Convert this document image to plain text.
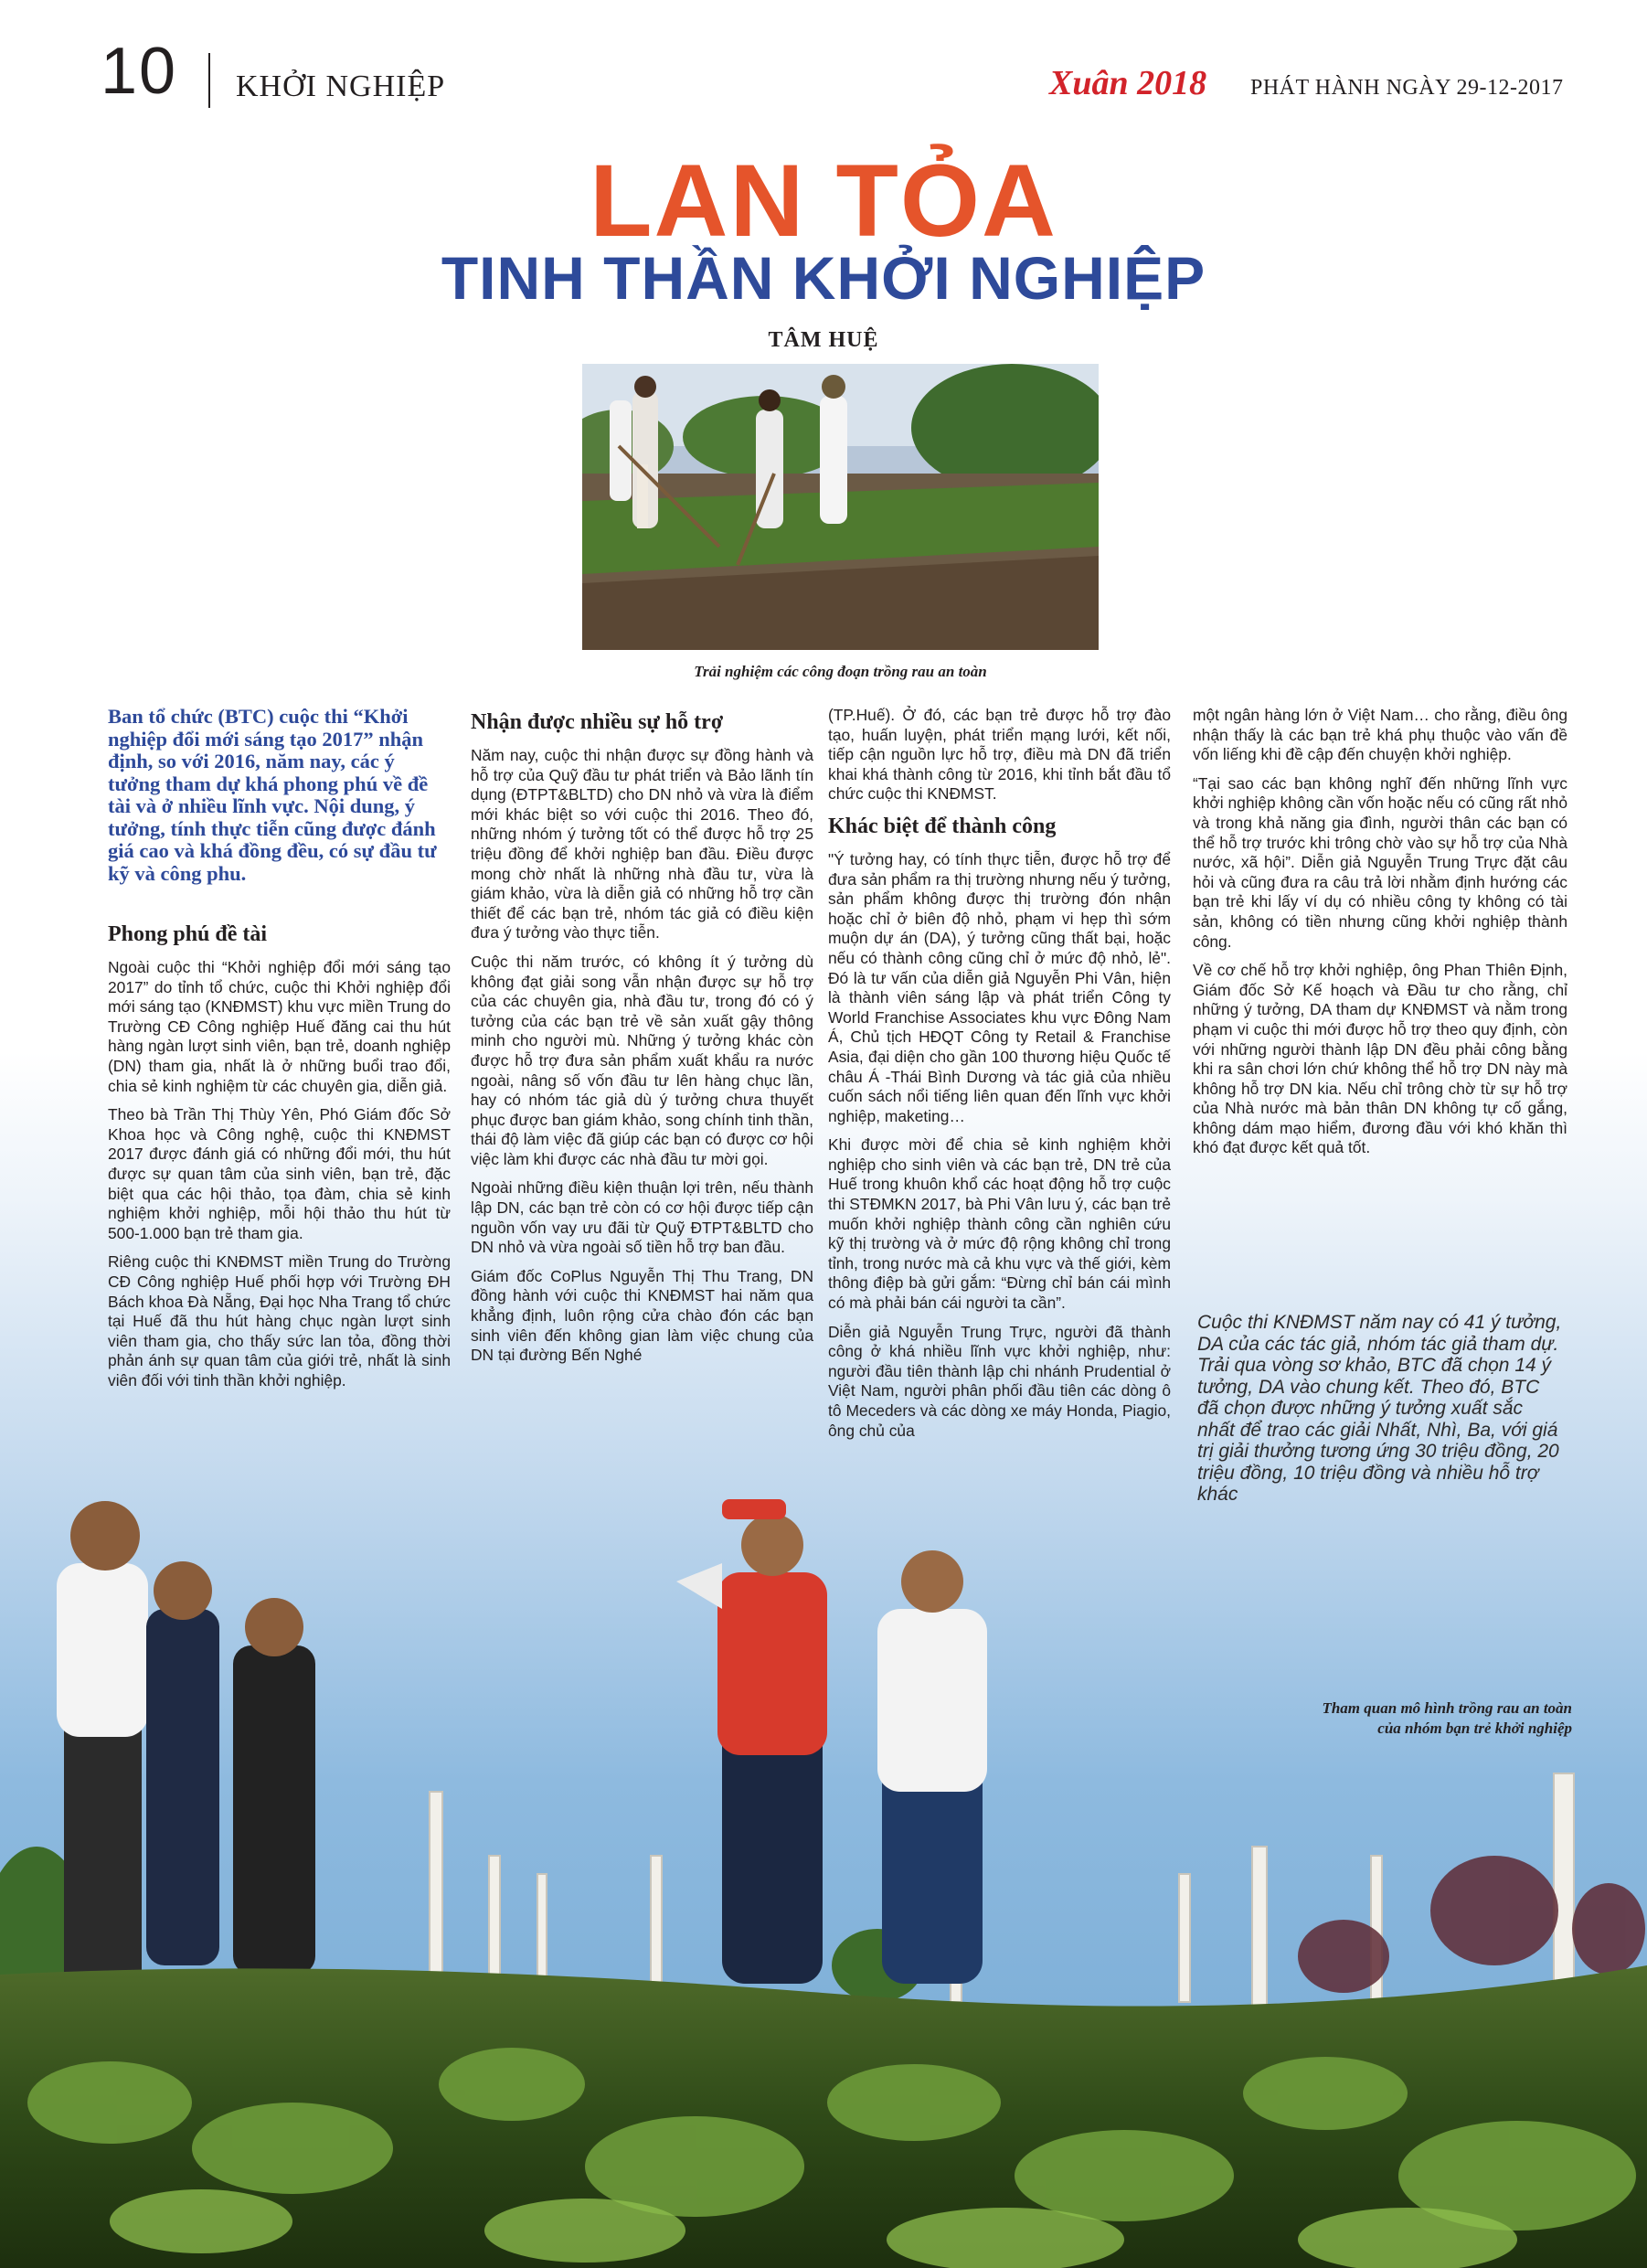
10 KHỞI NGHIỆP	Xuân 2018 PHÁT HÀNH NGÀY 29-12-2017
LAN TỎA
TINH THẦN KHỞI NGHIỆP
TÂM HUỆ
Trải nghiệm các công đoạn trồng rau an toàn

Ban tổ chức (BTC) cuộc thi “Khởi nghiệp đổi mới sáng tạo 2017” nhận định, so với 2016, năm nay, các ý tưởng tham dự khá phong phú về đề tài và ở nhiều lĩnh vực. Nội dung, ý tưởng, tính thực tiễn cũng được đánh giá cao và khá đồng đều, có sự đầu tư kỹ và công phu.

Phong phú đề tài

Ngoài cuộc thi “Khởi nghiệp đổi mới sáng tạo 2017” do tỉnh tổ chức, cuộc thi Khởi nghiệp đổi mới sáng tạo (KNĐMST) khu vực miền Trung do Trường CĐ Công nghiệp Huế đăng cai thu hút hàng ngàn lượt sinh viên, bạn trẻ, doanh nghiệp (DN) tham gia, nhất là ở những buổi trao đổi, chia sẻ kinh nghiệm từ các chuyên gia, diễn giả.

Theo bà Trần Thị Thùy Yên, Phó Giám đốc Sở Khoa học và Công nghệ, cuộc thi KNĐMST 2017 được đánh giá có những đổi mới, thu hút được sự quan tâm của sinh viên, bạn trẻ, đặc biệt qua các hội thảo, tọa đàm, chia sẻ kinh nghiệm khởi nghiệp, mỗi hội thảo thu hút từ 500-1.000 bạn trẻ tham gia.

Riêng cuộc thi KNĐMST miền Trung do Trường CĐ Công nghiệp Huế phối hợp với Trường ĐH Bách khoa Đà Nẵng, Đại học Nha Trang tổ chức tại Huế đã thu hút hàng chục ngàn lượt sinh viên tham gia, cho thấy sức lan tỏa, đồng thời phản ánh sự quan tâm của giới trẻ, nhất là sinh viên đối với tinh thần khởi nghiệp.

Nhận được nhiều sự hỗ trợ

Năm nay, cuộc thi nhận được sự đồng hành và hỗ trợ của Quỹ đầu tư phát triển và Bảo lãnh tín dụng (ĐTPT&BLTD) cho DN nhỏ và vừa là điểm mới khác biệt so với cuộc thi 2016. Theo đó, những nhóm ý tưởng tốt có thể được hỗ trợ 25 triệu đồng để khởi nghiệp ban đầu. Điều được mong chờ nhất là những nhà đầu tư, vừa là giám khảo, vừa là diễn giả có những hỗ trợ cần thiết để các bạn trẻ, nhóm tác giả có điều kiện đưa ý tưởng vào thực tiễn.

Cuộc thi năm trước, có không ít ý tưởng dù không đạt giải song vẫn nhận được sự hỗ trợ của các chuyên gia, nhà đầu tư, trong đó có ý tưởng của các bạn trẻ về sản xuất gậy thông minh cho người mù. Những ý tưởng khác còn được hỗ trợ đưa sản phẩm xuất khẩu ra nước ngoài, nâng số vốn đầu tư lên hàng chục lần, hay có nhóm tác giả dù ý tưởng chưa thuyết phục được ban giám khảo, song chính tinh thần, thái độ làm việc đã giúp các bạn có được cơ hội việc làm khi được các nhà đầu tư mời gọi.

Ngoài những điều kiện thuận lợi trên, nếu thành lập DN, các bạn trẻ còn có cơ hội được tiếp cận nguồn vốn vay ưu đãi từ Quỹ ĐTPT&BLTD cho DN nhỏ và vừa ngoài số tiền hỗ trợ ban đầu.

Giám đốc CoPlus Nguyễn Thị Thu Trang, DN đồng hành với cuộc thi KNĐMST hai năm qua khẳng định, luôn rộng cửa chào đón các bạn sinh viên đến không gian làm việc chung của DN tại đường Bến Nghé

(TP.Huế). Ở đó, các bạn trẻ được hỗ trợ đào tạo, huấn luyện, phát triển mạng lưới, kết nối, tiếp cận nguồn lực hỗ trợ, điều mà DN đã triển khai khá thành công từ 2016, khi tỉnh bắt đầu tổ chức cuộc thi KNĐMST.

Khác biệt để thành công

"Ý tưởng hay, có tính thực tiễn, được hỗ trợ để đưa sản phẩm ra thị trường nhưng nếu ý tưởng, sản phẩm không được thị trường đón nhận hoặc chỉ ở biên độ nhỏ, phạm vi hẹp thì sớm muộn dự án (DA), ý tưởng cũng thất bại, hoặc nếu có thành công cũng chỉ ở mức độ nhỏ, lẻ". Đó là tư vấn của diễn giả Nguyễn Phi Vân, hiện là thành viên sáng lập và phát triển Công ty World Franchise Associates khu vực Đông Nam Á, Chủ tịch HĐQT Công ty Retail & Franchise Asia, đại diện cho gần 100 thương hiệu Quốc tế châu Á -Thái Bình Dương và tác giả của nhiều cuốn sách nổi tiếng liên quan đến lĩnh vực khởi nghiệp, maketing…

Khi được mời để chia sẻ kinh nghiệm khởi nghiệp cho sinh viên và các bạn trẻ, DN trẻ của Huế trong khuôn khổ các hoạt động hỗ trợ cuộc thi STĐMKN 2017, bà Phi Vân lưu ý, các bạn trẻ muốn khởi nghiệp thành công cần nghiên cứu kỹ thị trường và ở mức độ rộng không chỉ trong tỉnh, trong nước mà cả khu vực và thế giới, kèm thông điệp bà gửi gắm: “Đừng chỉ bán cái mình có mà phải bán cái người ta cần”.

Diễn giả Nguyễn Trung Trực, người đã thành công ở khá nhiều lĩnh vực khởi nghiệp, như: người đầu tiên thành lập chi nhánh Prudential ở Việt Nam, người phân phối đầu tiên các dòng ô tô Meceders và các dòng xe máy Honda, Piagio, ông chủ của

một ngân hàng lớn ở Việt Nam… cho rằng, điều ông nhận thấy là các bạn trẻ khá phụ thuộc vào vấn đề vốn liếng khi đề cập đến chuyện khởi nghiệp.

“Tại sao các bạn không nghĩ đến những lĩnh vực khởi nghiệp không cần vốn hoặc nếu có cũng rất nhỏ và trong khả năng gia đình, người thân các bạn có thể hỗ trợ trước khi trông chờ vào sự hỗ trợ của Nhà nước, xã hội”. Diễn giả Nguyễn Trung Trực đặt câu hỏi và cũng đưa ra câu trả lời nhằm định hướng các bạn trẻ khi lấy ví dụ có nhiều công ty không có tài sản, không có tiền nhưng cũng khởi nghiệp thành công.

Về cơ chế hỗ trợ khởi nghiệp, ông Phan Thiên Định, Giám đốc Sở Kế hoạch và Đầu tư cho rằng, chỉ những ý tưởng, DA tham dự KNĐMST và nằm trong phạm vi cuộc thi mới được hỗ trợ theo quy định, còn với những người thành lập DN đều phải công bằng khi ra sân chơi lớn chứ không thể hỗ trợ DN này mà không hỗ trợ DN kia. Nếu chỉ trông chờ từ sự hỗ trợ của Nhà nước mà bản thân DN không tự cố gắng, không dám mạo hiểm, đương đầu với khó khăn thì khó đạt được kết quả tốt.

Cuộc thi KNĐMST năm nay có 41 ý tưởng, DA của các tác giả, nhóm tác giả tham dự. Trải qua vòng sơ khảo, BTC đã chọn 14 ý tưởng, DA vào chung kết. Theo đó, BTC đã chọn được những ý tưởng xuất sắc nhất để trao các giải Nhất, Nhì, Ba, với giá trị giải thưởng tương ứng 30 triệu đồng, 20 triệu đồng, 10 triệu đồng và nhiều hỗ trợ khác
Tham quan mô hình trồng rau an toàn
của nhóm bạn trẻ khởi nghiệp
